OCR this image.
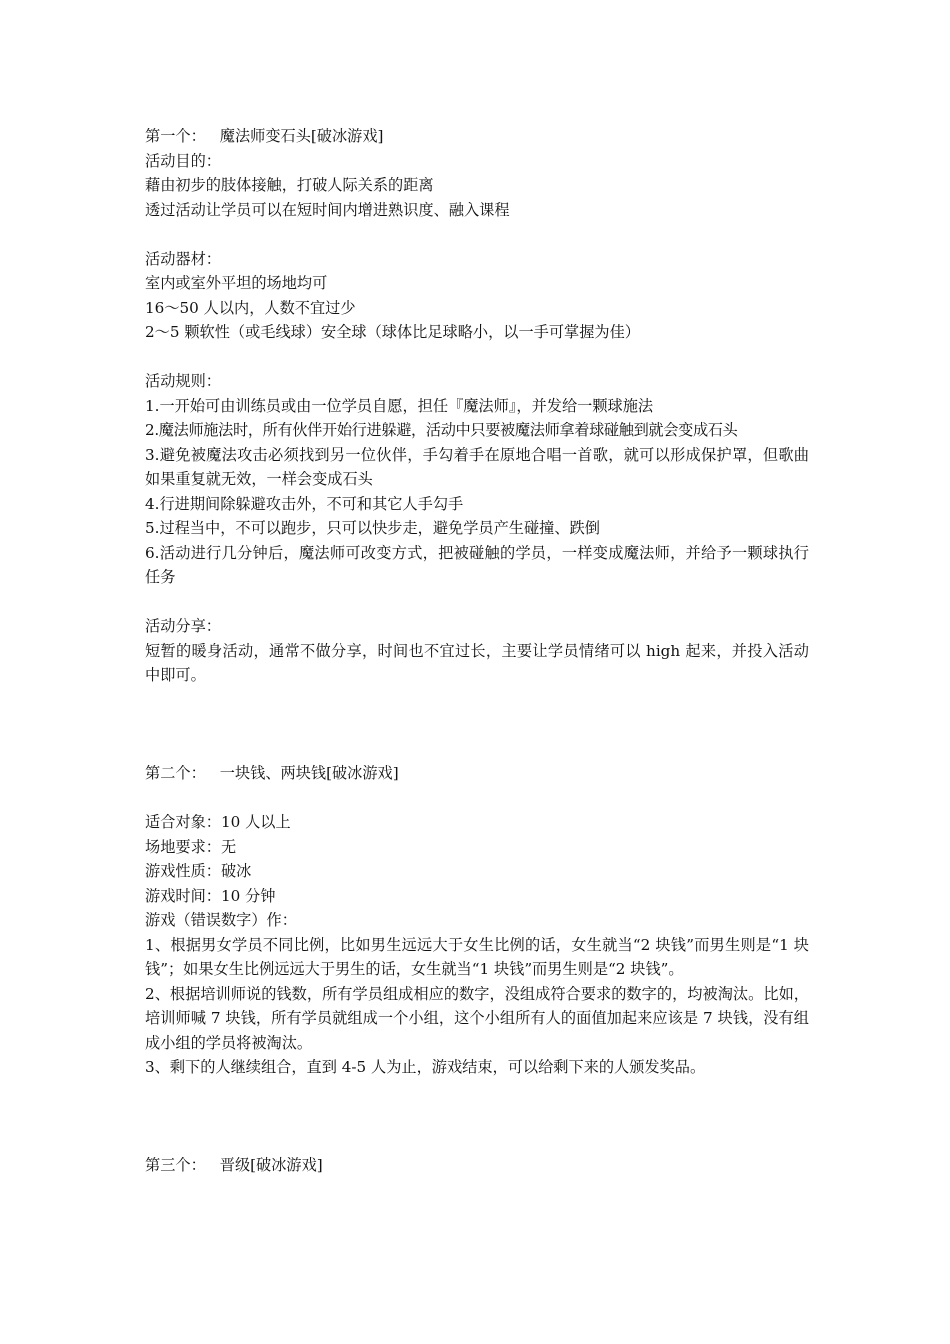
第一个： 魔法师变石头[破冰游戏]
活动目的：
藉由初步的肢体接触，打破人际关系的距离
透过活动让学员可以在短时间内增进熟识度、融入课程
活动器材：
室内或室外平坦的场地均可
16～50 人以内，人数不宜过少
2～5 颗软性（或毛线球）安全球（球体比足球略小，以一手可掌握为佳）
活动规则：
1.一开始可由训练员或由一位学员自愿，担任『魔法师』，并发给一颗球施法
2.魔法师施法时，所有伙伴开始行进躲避，活动中只要被魔法师拿着球碰触到就会变成石头
3.避免被魔法攻击必须找到另一位伙伴，手勾着手在原地合唱一首歌，就可以形成保护罩，但歌曲如果重复就无效，一样会变成石头
4.行进期间除躲避攻击外，不可和其它人手勾手
5.过程当中，不可以跑步，只可以快步走，避免学员产生碰撞、跌倒
6.活动进行几分钟后，魔法师可改变方式，把被碰触的学员，一样变成魔法师，并给予一颗球执行任务
活动分享：
短暂的暖身活动，通常不做分享，时间也不宜过长，主要让学员情绪可以 high 起来，并投入活动中即可。
第二个： 一块钱、两块钱[破冰游戏]
适合对象：10 人以上
场地要求：无
游戏性质：破冰
游戏时间：10 分钟
游戏（错误数字）作：
1、根据男女学员不同比例，比如男生远远大于女生比例的话，女生就当“2 块钱”而男生则是“1 块钱”；如果女生比例远远大于男生的话，女生就当“1 块钱”而男生则是“2 块钱”。
2、根据培训师说的钱数，所有学员组成相应的数字，没组成符合要求的数字的，均被淘汰。比如，培训师喊 7 块钱，所有学员就组成一个小组，这个小组所有人的面值加起来应该是 7 块钱，没有组成小组的学员将被淘汰。
3、剩下的人继续组合，直到 4-5 人为止，游戏结束，可以给剩下来的人颁发奖品。
第三个： 晋级[破冰游戏]
